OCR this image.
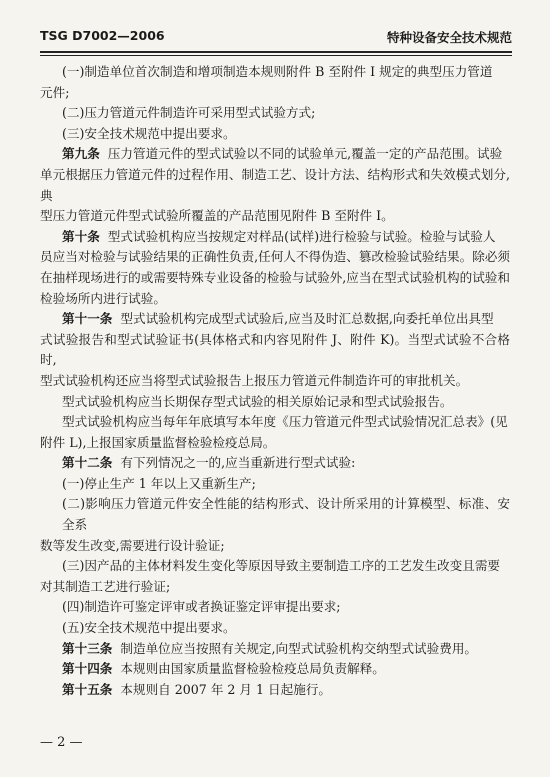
TSG D7002—2006	特种设备安全技术规范

(一)制造单位首次制造和增项制造本规则附件 B 至附件 I 规定的典型压力管道

元件;

(二)压力管道元件制造许可采用型式试验方式;

(三)安全技术规范中提出要求。

第九条 压力管道元件的型式试验以不同的试验单元,覆盖一定的产品范围。试验

单元根据压力管道元件的过程作用、制造工艺、设计方法、结构形式和失效模式划分,典

型压力管道元件型式试验所覆盖的产品范围见附件 B 至附件 I。

第十条 型式试验机构应当按规定对样品(试样)进行检验与试验。检验与试验人

员应当对检验与试验结果的正确性负责,任何人不得伪造、篡改检验试验结果。除必须

在抽样现场进行的或需要特殊专业设备的检验与试验外,应当在型式试验机构的试验和

检验场所内进行试验。

第十一条 型式试验机构完成型式试验后,应当及时汇总数据,向委托单位出具型

式试验报告和型式试验证书(具体格式和内容见附件 J、附件 K)。当型式试验不合格时,

型式试验机构还应当将型式试验报告上报压力管道元件制造许可的审批机关。

型式试验机构应当长期保存型式试验的相关原始记录和型式试验报告。

型式试验机构应当每年年底填写本年度《压力管道元件型式试验情况汇总表》(见

附件 L),上报国家质量监督检验检疫总局。

第十二条 有下列情况之一的,应当重新进行型式试验:

(一)停止生产 1 年以上又重新生产;

(二)影响压力管道元件安全性能的结构形式、设计所采用的计算模型、标准、安全系

数等发生改变,需要进行设计验证;

(三)因产品的主体材料发生变化等原因导致主要制造工序的工艺发生改变且需要

对其制造工艺进行验证;

(四)制造许可鉴定评审或者换证鉴定评审提出要求;

(五)安全技术规范中提出要求。

第十三条 制造单位应当按照有关规定,向型式试验机构交纳型式试验费用。

第十四条 本规则由国家质量监督检验检疫总局负责解释。

第十五条 本规则自 2007 年 2 月 1 日起施行。

— 2 —
